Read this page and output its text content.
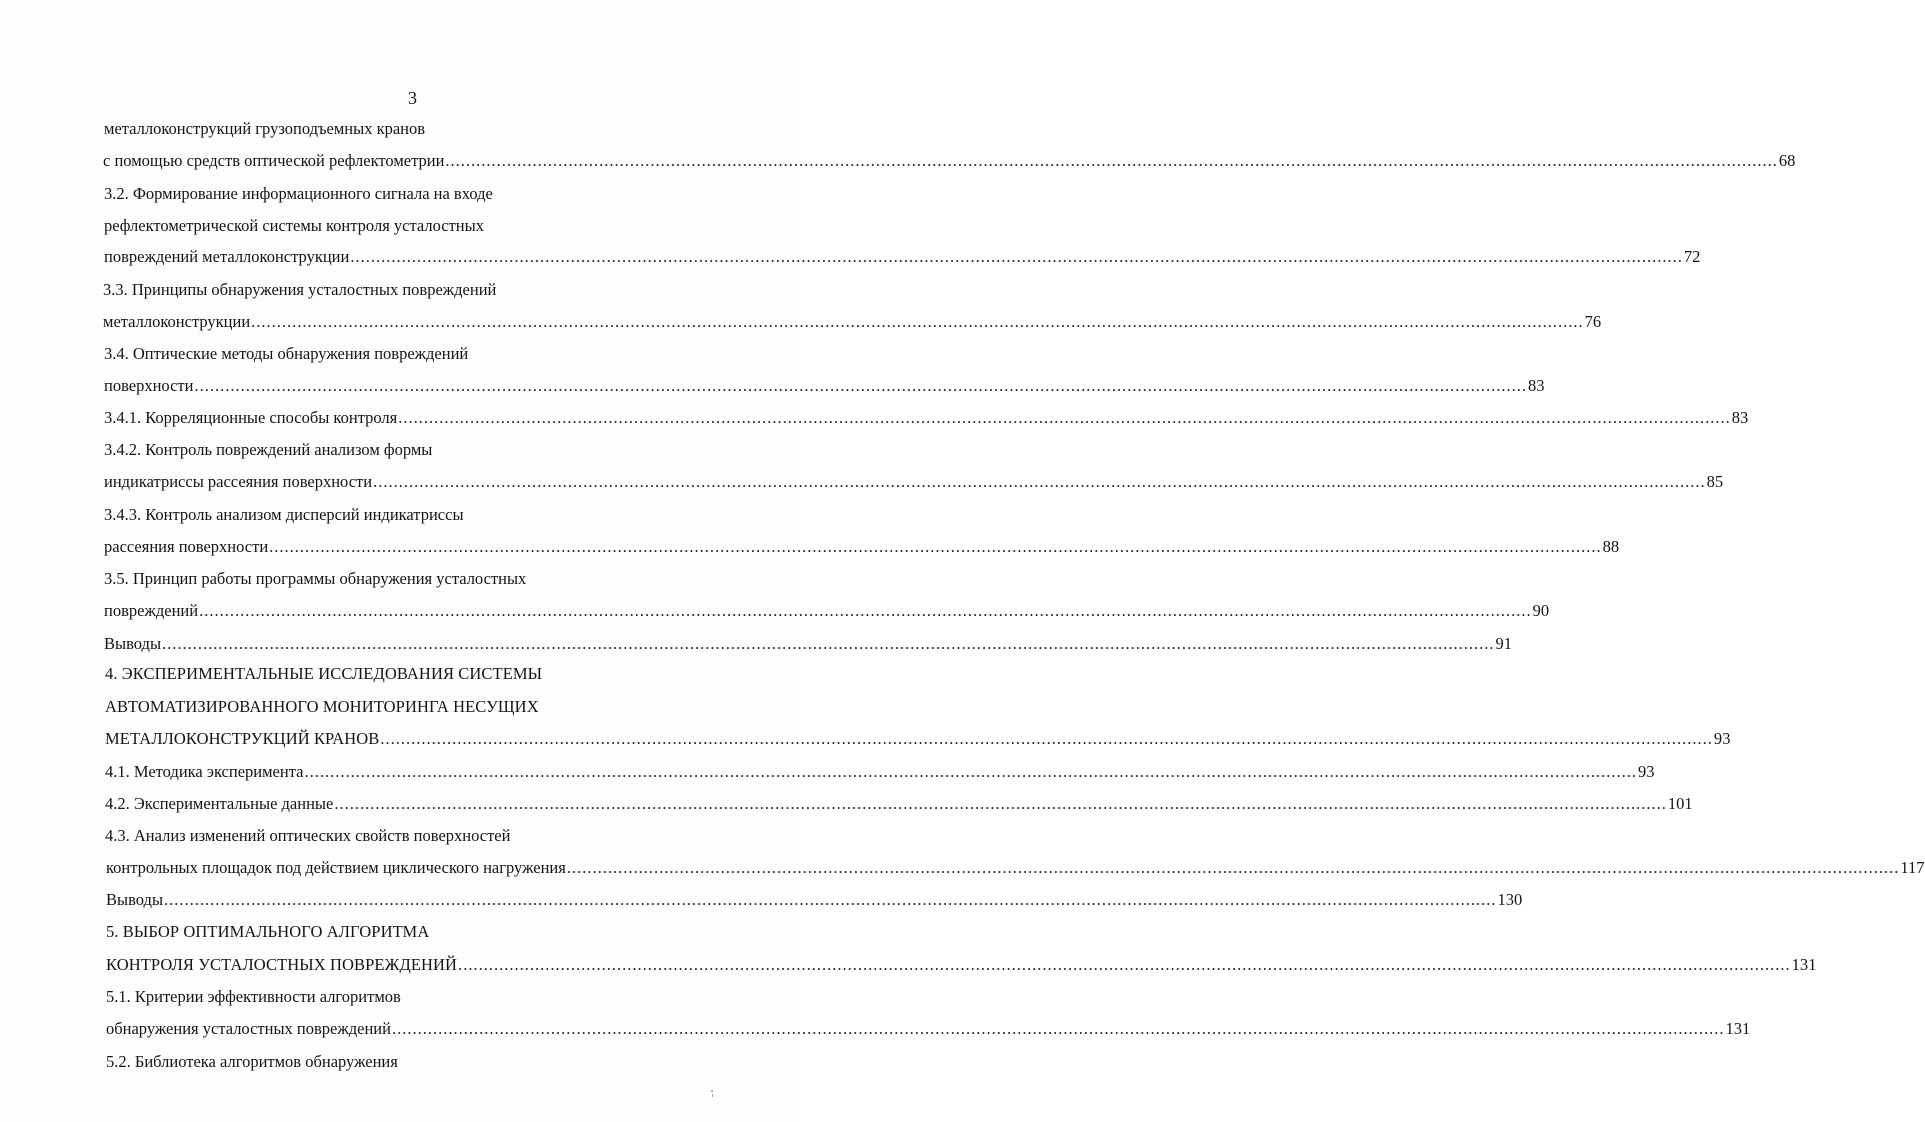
3
металлоконструкций грузоподъемных кранов
с помощью средств оптической рефлектометрии .................................................................................................................................................................................................................................................................... 68
3.2. Формирование информационного сигнала на входе
рефлектометрической системы контроля усталостных
повреждений металлоконструкции .................................................................................................................................................................................................................................................................... 72
3.3. Принципы обнаружения усталостных повреждений
металлоконструкции .................................................................................................................................................................................................................................................................... 76
3.4. Оптические методы обнаружения повреждений
поверхности .................................................................................................................................................................................................................................................................... 83
3.4.1. Корреляционные способы контроля .................................................................................................................................................................................................................................................................... 83
3.4.2. Контроль повреждений анализом формы
индикатриссы рассеяния поверхности .................................................................................................................................................................................................................................................................... 85
3.4.3. Контроль анализом дисперсий индикатриссы
рассеяния поверхности .................................................................................................................................................................................................................................................................... 88
3.5. Принцип работы программы обнаружения усталостных
повреждений .................................................................................................................................................................................................................................................................... 90
Выводы .................................................................................................................................................................................................................................................................... 91
4. ЭКСПЕРИМЕНТАЛЬНЫЕ ИССЛЕДОВАНИЯ СИСТЕМЫ
АВТОМАТИЗИРОВАННОГО МОНИТОРИНГА НЕСУЩИХ
МЕТАЛЛОКОНСТРУКЦИЙ КРАНОВ .................................................................................................................................................................................................................................................................... 93
4.1. Методика эксперимента .................................................................................................................................................................................................................................................................... 93
4.2. Экспериментальные данные .................................................................................................................................................................................................................................................................... 101
4.3. Анализ изменений оптических свойств поверхностей
контрольных площадок под действием циклического нагружения .................................................................................................................................................................................................................................................................... 117
Выводы .................................................................................................................................................................................................................................................................... 130
5. ВЫБОР ОПТИМАЛЬНОГО АЛГОРИТМА
КОНТРОЛЯ УСТАЛОСТНЫХ ПОВРЕЖДЕНИЙ .................................................................................................................................................................................................................................................................... 131
5.1. Критерии эффективности алгоритмов
обнаружения усталостных повреждений .................................................................................................................................................................................................................................................................... 131
5.2. Библиотека алгоритмов обнаружения
